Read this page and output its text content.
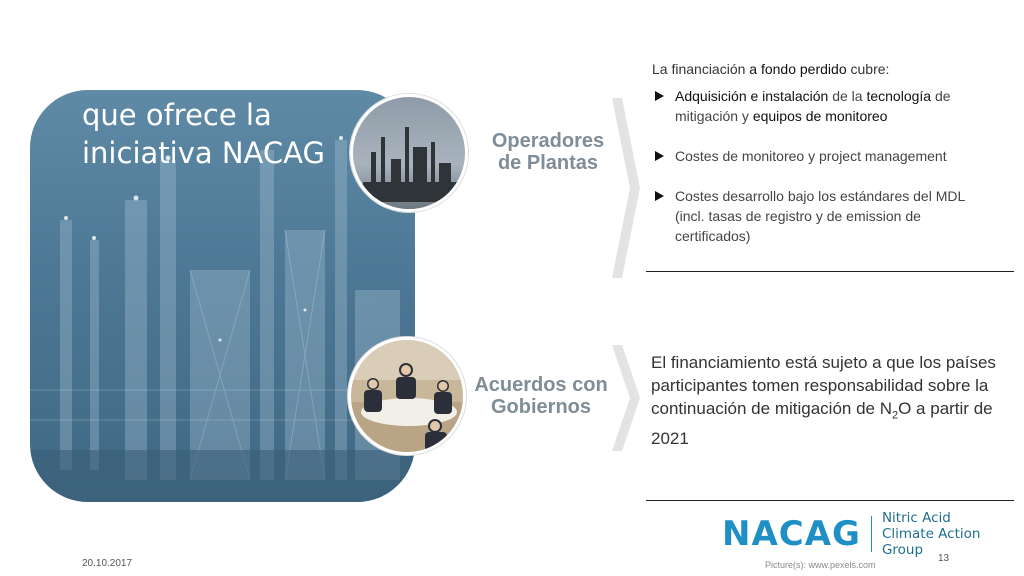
Financiamiento
que ofrece la
iniciativa NACAG	Operadores
de Plantas
Acuerdos con
Gobiernos
La financiación a fondo perdido cubre:
Adquisición e instalación de la tecnología de mitigación y equipos de monitoreo
Costes de monitoreo y project management
Costes desarrollo bajo los estándares del MDL (incl. tasas de registro y de emission de certificados)
El financiamiento está sujeto a que los países participantes tomen responsabilidad sobre la continuación de mitigación de $N_2O$ a partir de 2021
NACAG Nitric Acid
Climate Action Group
20.10.2017	13
Picture(s): www.pexels.com
